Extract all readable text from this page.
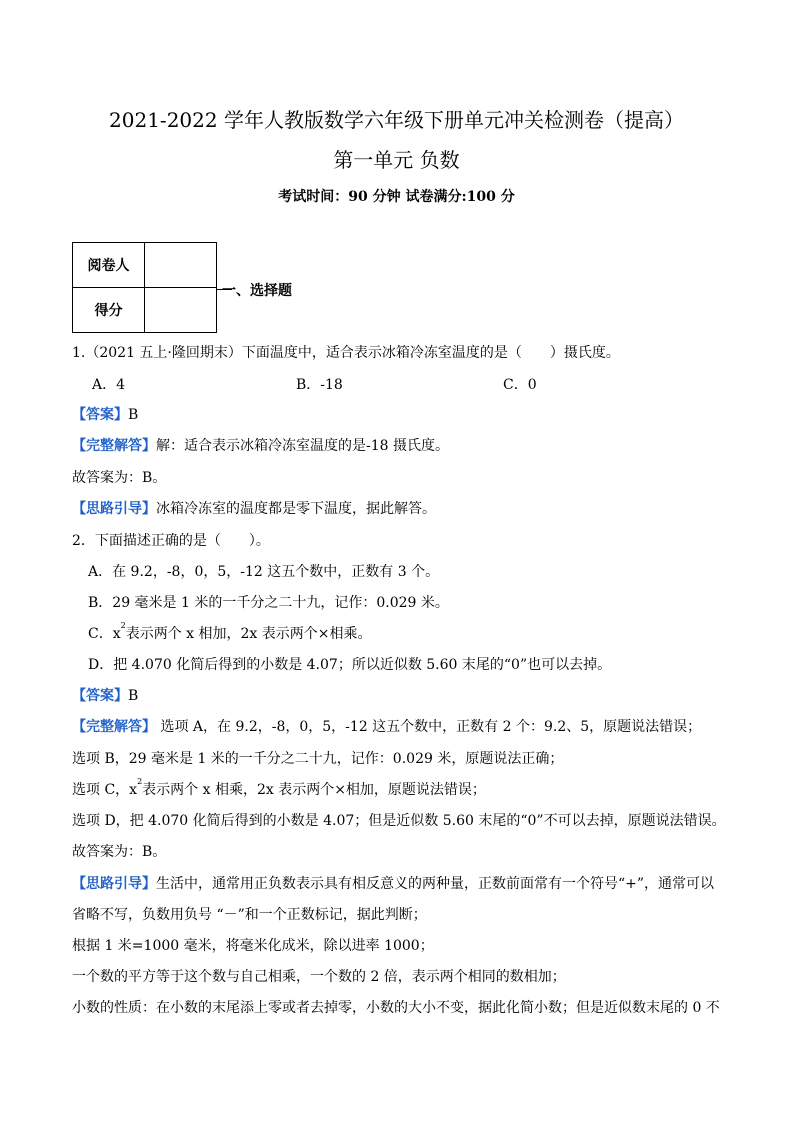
2021-2022 学年人教版数学六年级下册单元冲关检测卷（提高）
第一单元 负数
考试时间：90 分钟 试卷满分:100 分
阅卷人	
得分	
一、选择题
1.（2021 五上·隆回期末）下面温度中，适合表示冰箱冷冻室温度的是（　　）摄氏度。
A．4	B．-18	C．0
【答案】B
【完整解答】解：适合表示冰箱冷冻室温度的是-18 摄氏度。
故答案为：B。
【思路引导】冰箱冷冻室的温度都是零下温度，据此解答。
2．下面描述正确的是（　　）。
A．在 9.2，-8，0，5，-12 这五个数中，正数有 3 个。
B．29 毫米是 1 米的一千分之二十九，记作：0.029 米。
C．$x^2$表示两个 x 相加，2x 表示两个×相乘。
D．把 4.070 化简后得到的小数是 4.07；所以近似数 5.60 末尾的“0”也可以去掉。
【答案】B
【完整解答】 选项 A，在 9.2，-8，0，5，-12 这五个数中，正数有 2 个：9.2、5，原题说法错误；
选项 B，29 毫米是 1 米的一千分之二十九，记作：0.029 米，原题说法正确；
选项 C，$x^2$表示两个 x 相乘，2x 表示两个×相加，原题说法错误；
选项 D，把 4.070 化简后得到的小数是 4.07；但是近似数 5.60 末尾的“0”不可以去掉，原题说法错误。
故答案为：B。
【思路引导】生活中，通常用正负数表示具有相反意义的两种量，正数前面常有一个符号“+”，通常可以
省略不写，负数用负号 “－”和一个正数标记，据此判断；
根据 1 米=1000 毫米，将毫米化成米，除以进率 1000；
一个数的平方等于这个数与自己相乘，一个数的 2 倍，表示两个相同的数相加；
小数的性质：在小数的末尾添上零或者去掉零，小数的大小不变，据此化简小数；但是近似数末尾的 0 不
